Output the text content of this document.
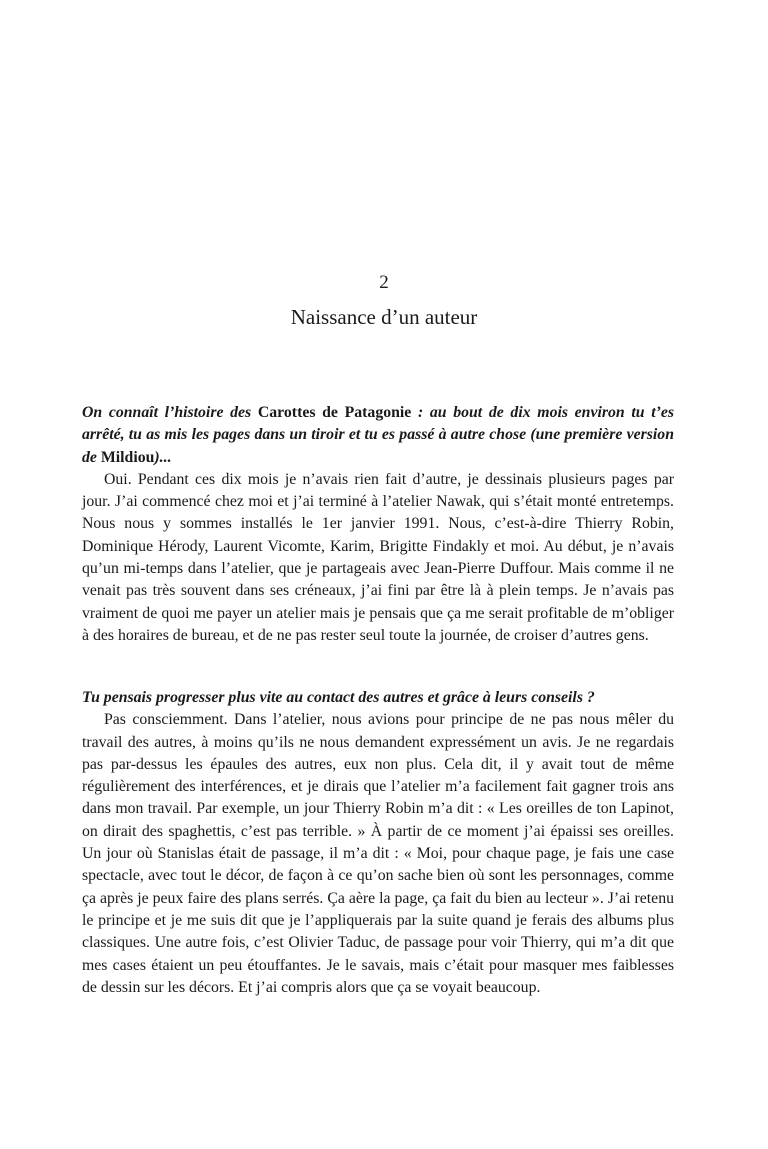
2
Naissance d’un auteur

On connaît l’histoire des Carottes de Patagonie : au bout de dix mois environ tu t’es arrêté, tu as mis les pages dans un tiroir et tu es passé à autre chose (une première version de Mildiou)...

Oui. Pendant ces dix mois je n’avais rien fait d’autre, je dessinais plusieurs pages par jour. J’ai commencé chez moi et j’ai terminé à l’atelier Nawak, qui s’était monté entretemps. Nous nous y sommes installés le 1er janvier 1991. Nous, c’est-à-dire Thierry Robin, Dominique Hérody, Laurent Vicomte, Karim, Brigitte Findakly et moi. Au début, je n’avais qu’un mi-temps dans l’atelier, que je partageais avec Jean-Pierre Duffour. Mais comme il ne venait pas très souvent dans ses créneaux, j’ai fini par être là à plein temps. Je n’avais pas vraiment de quoi me payer un atelier mais je pensais que ça me serait profitable de m’obliger à des horaires de bureau, et de ne pas rester seul toute la journée, de croiser d’autres gens.

Tu pensais progresser plus vite au contact des autres et grâce à leurs conseils ?

Pas consciemment. Dans l’atelier, nous avions pour principe de ne pas nous mêler du travail des autres, à moins qu’ils ne nous demandent expressément un avis. Je ne regardais pas par-dessus les épaules des autres, eux non plus. Cela dit, il y avait tout de même régulièrement des interférences, et je dirais que l’atelier m’a facilement fait gagner trois ans dans mon travail. Par exemple, un jour Thierry Robin m’a dit : « Les oreilles de ton Lapinot, on dirait des spaghettis, c’est pas terrible. » À partir de ce moment j’ai épaissi ses oreilles. Un jour où Stanislas était de passage, il m’a dit : « Moi, pour chaque page, je fais une case spectacle, avec tout le décor, de façon à ce qu’on sache bien où sont les personnages, comme ça après je peux faire des plans serrés. Ça aère la page, ça fait du bien au lecteur ». J’ai retenu le principe et je me suis dit que je l’appliquerais par la suite quand je ferais des albums plus classiques. Une autre fois, c’est Olivier Taduc, de passage pour voir Thierry, qui m’a dit que mes cases étaient un peu étouffantes. Je le savais, mais c’était pour masquer mes faiblesses de dessin sur les décors. Et j’ai compris alors que ça se voyait beaucoup.
